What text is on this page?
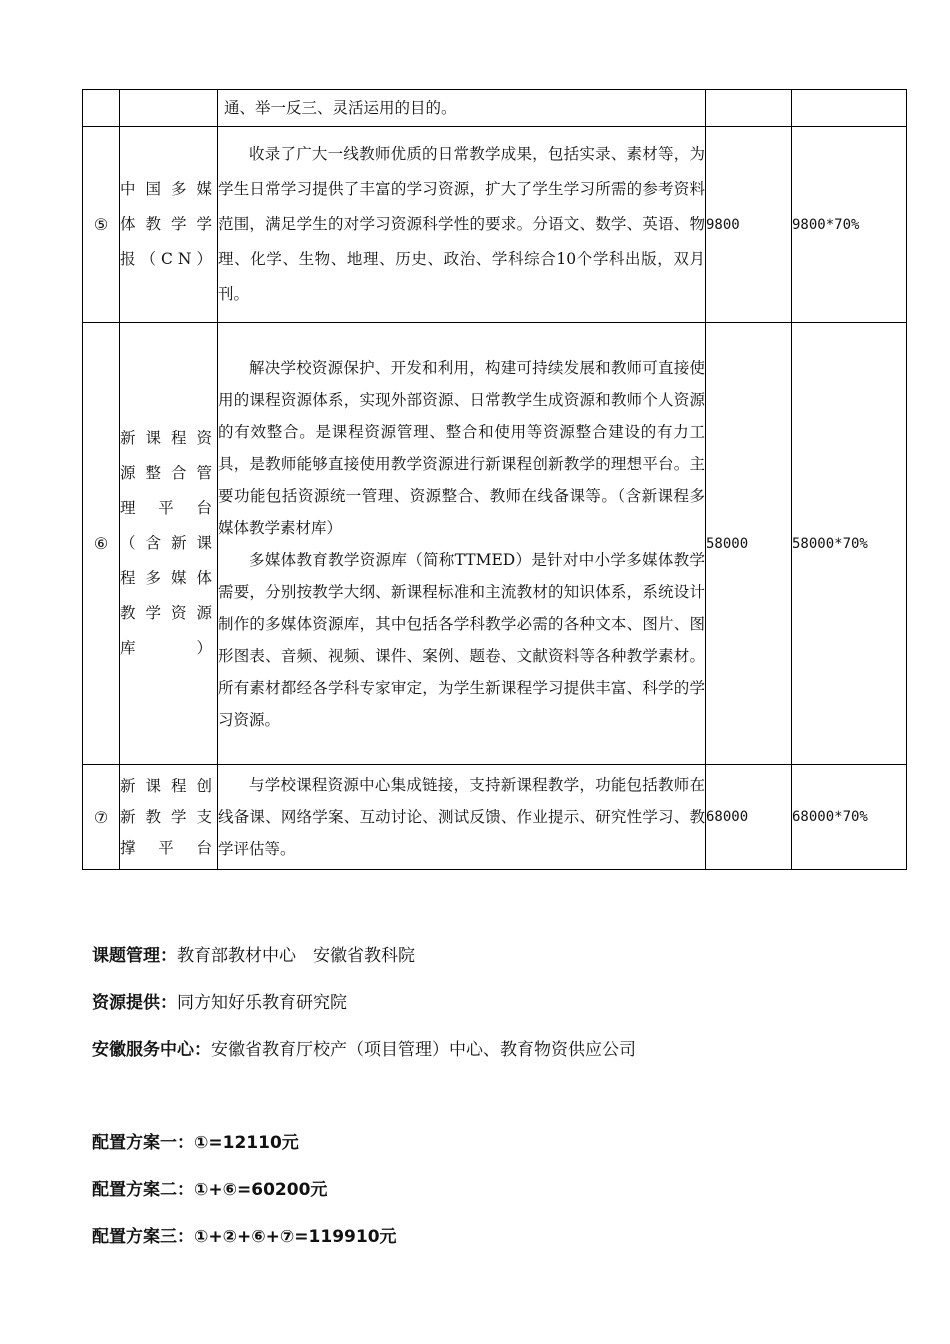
		通、举一反三、灵活运用的目的。		

⑤	中国多媒体教学学报（CN）	收录了广大一线教师优质的日常教学成果，包括实录、素材等，为学生日常学习提供了丰富的学习资源，扩大了学生学习所需的参考资料范围，满足学生的对学习资源科学性的要求。分语文、数学、英语、物理、化学、生物、地理、历史、政治、学科综合10个学科出版，双月刊。	9800	9800*70%
⑥	新课程资源整合管理平台（含新课程多媒体教学资源库）	解决学校资源保护、开发和利用，构建可持续发展和教师可直接使用的课程资源体系，实现外部资源、日常教学生成资源和教师个人资源的有效整合。是课程资源管理、整合和使用等资源整合建设的有力工具，是教师能够直接使用教学资源进行新课程创新教学的理想平台。主要功能包括资源统一管理、资源整合、教师在线备课等。（含新课程多媒体教学素材库）

多媒体教育教学资源库（简称TTMED）是针对中小学多媒体教学需要，分别按教学大纲、新课程标准和主流教材的知识体系，系统设计制作的多媒体资源库，其中包括各学科教学必需的各种文本、图片、图形图表、音频、视频、课件、案例、题卷、文献资料等各种教学素材。所有素材都经各学科专家审定，为学生新课程学习提供丰富、科学的学习资源。	58000	58000*70%
⑦	新课程创新教学支撑平台	与学校课程资源中心集成链接，支持新课程教学，功能包括教师在线备课、网络学案、互动讨论、测试反馈、作业提示、研究性学习、教学评估等。	68000	68000*70%
课题管理：教育部教材中心　安徽省教科院
资源提供：同方知好乐教育研究院
安徽服务中心：安徽省教育厅校产（项目管理）中心、教育物资供应公司
配置方案一：①=12110元
配置方案二：①+⑥=60200元
配置方案三：①+②+⑥+⑦=119910元
